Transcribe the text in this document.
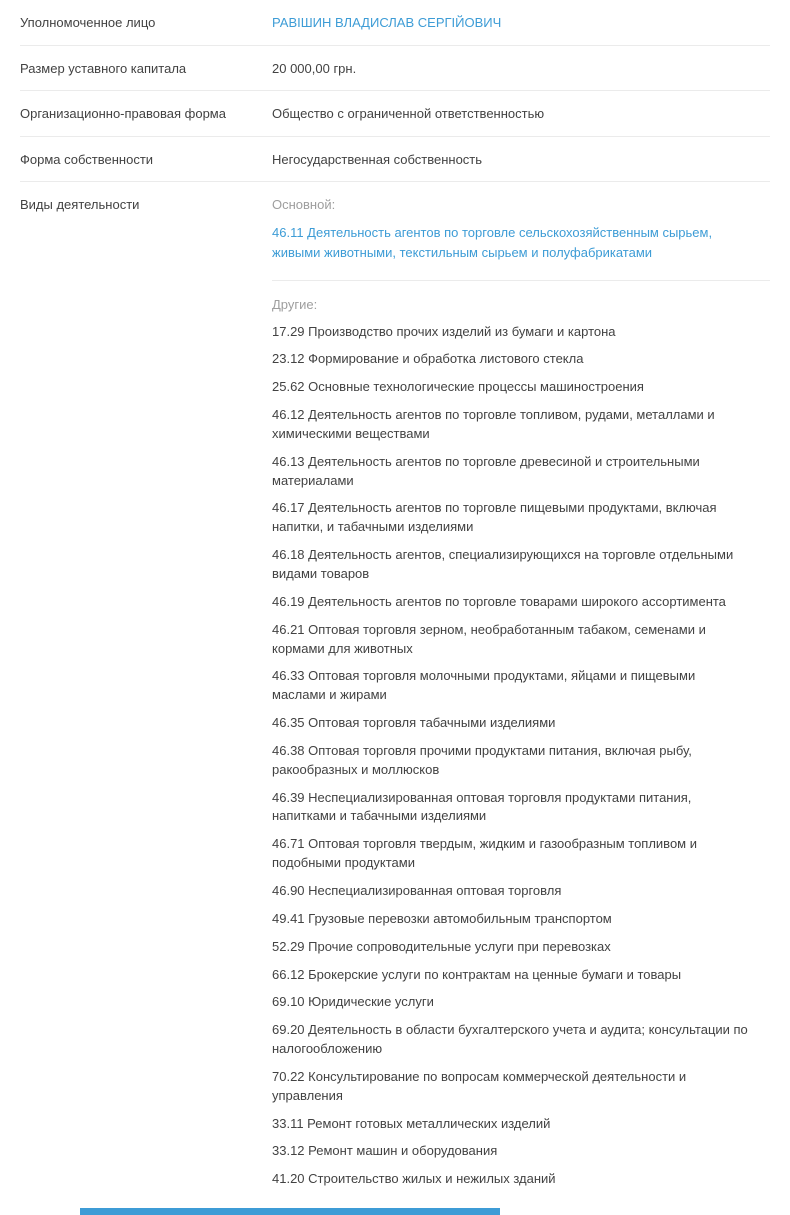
Уполномоченное лицо	РАВІШИН ВЛАДИСЛАВ СЕРГІЙОВИЧ
Размер уставного капитала	20 000,00 грн.
Организационно-правовая форма	Общество с ограниченной ответственностью
Форма собственности	Негосударственная собственность
Виды деятельности	Основной:
46.11 Деятельность агентов по торговле сельскохозяйственным сырьем, живыми животными, текстильным сырьем и полуфабрикатами
Другие:
17.29 Производство прочих изделий из бумаги и картона
23.12 Формирование и обработка листового стекла
25.62 Основные технологические процессы машиностроения
46.12 Деятельность агентов по торговле топливом, рудами, металлами и химическими веществами
46.13 Деятельность агентов по торговле древесиной и строительными материалами
46.17 Деятельность агентов по торговле пищевыми продуктами, включая напитки, и табачными изделиями
46.18 Деятельность агентов, специализирующихся на торговле отдельными видами товаров
46.19 Деятельность агентов по торговле товарами широкого ассортимента
46.21 Оптовая торговля зерном, необработанным табаком, семенами и кормами для животных
46.33 Оптовая торговля молочными продуктами, яйцами и пищевыми маслами и жирами
46.35 Оптовая торговля табачными изделиями
46.38 Оптовая торговля прочими продуктами питания, включая рыбу, ракообразных и моллюсков
46.39 Неспециализированная оптовая торговля продуктами питания, напитками и табачными изделиями
46.71 Оптовая торговля твердым, жидким и газообразным топливом и подобными продуктами
46.90 Неспециализированная оптовая торговля
49.41 Грузовые перевозки автомобильным транспортом
52.29 Прочие сопроводительные услуги при перевозках
66.12 Брокерские услуги по контрактам на ценные бумаги и товары
69.10 Юридические услуги
69.20 Деятельность в области бухгалтерского учета и аудита; консультации по налогообложению
70.22 Консультирование по вопросам коммерческой деятельности и управления
33.11 Ремонт готовых металлических изделий
33.12 Ремонт машин и оборудования
41.20 Строительство жилых и нежилых зданий
